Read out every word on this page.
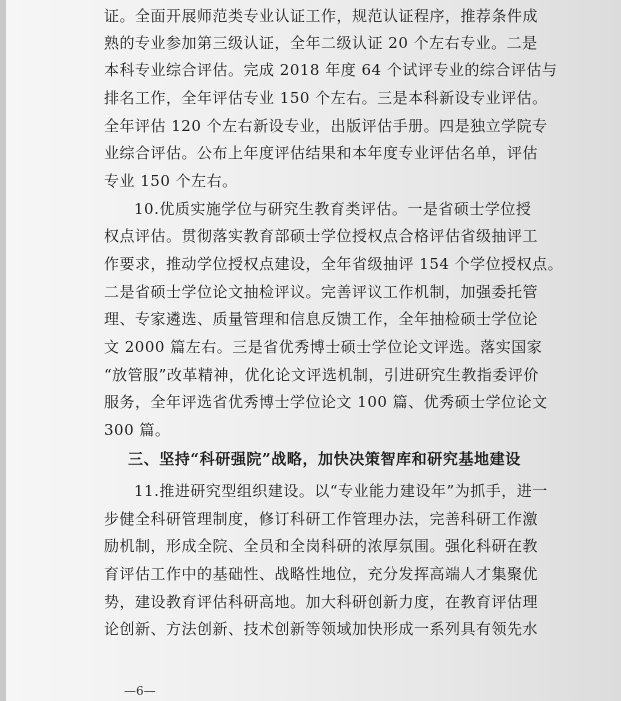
证。全面开展师范类专业认证工作，规范认证程序，推荐条件成
熟的专业参加第三级认证，全年二级认证 20 个左右专业。二是
本科专业综合评估。完成 2018 年度 64 个试评专业的综合评估与
排名工作，全年评估专业 150 个左右。三是本科新设专业评估。
全年评估 120 个左右新设专业，出版评估手册。四是独立学院专
业综合评估。公布上年度评估结果和本年度专业评估名单，评估
专业 150 个左右。
10.优质实施学位与研究生教育类评估。一是省硕士学位授
权点评估。贯彻落实教育部硕士学位授权点合格评估省级抽评工
作要求，推动学位授权点建设，全年省级抽评 154 个学位授权点。
二是省硕士学位论文抽检评议。完善评议工作机制，加强委托管
理、专家遴选、质量管理和信息反馈工作，全年抽检硕士学位论
文 2000 篇左右。三是省优秀博士硕士学位论文评选。落实国家
“放管服”改革精神，优化论文评选机制，引进研究生教指委评价
服务，全年评选省优秀博士学位论文 100 篇、优秀硕士学位论文
300 篇。
三、坚持“科研强院”战略，加快决策智库和研究基地建设
11.推进研究型组织建设。以“专业能力建设年”为抓手，进一
步健全科研管理制度，修订科研工作管理办法，完善科研工作激
励机制，形成全院、全员和全岗科研的浓厚氛围。强化科研在教
育评估工作中的基础性、战略性地位，充分发挥高端人才集聚优
势，建设教育评估科研高地。加大科研创新力度，在教育评估理
论创新、方法创新、技术创新等领域加快形成一系列具有领先水
—6—
